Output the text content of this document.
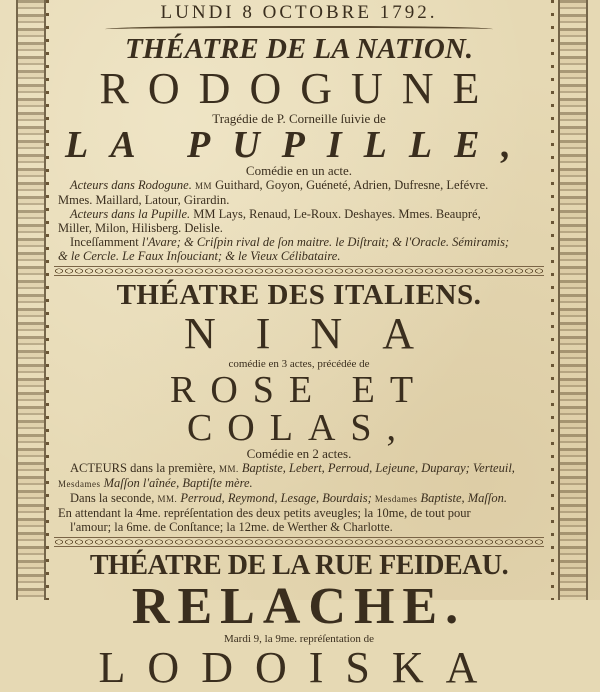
LUNDI 8 OCTOBRE 1792.
THÉATRE DE LA NATION.
RODOGUNE
Tragédie de P. Corneille ſuivie de
LA PUPILLE,
Comédie en un acte.
Acteurs dans Rodogune. MM Guithard, Goyon, Guéneté, Adrien, Dufresne, Lefévre.
Mmes. Maillard, Latour, Girardin.
Acteurs dans la Pupille. MM Lays, Renaud, Le-Roux. Deshayes. Mmes. Beaupré,
Miller, Milon, Hilisberg. Delisle.
Inceſſamment l'Avare; & Criſpin rival de ſon maitre. le Diſtrait; & l'Oracle. Sémiramis;
& le Cercle. Le Faux Inſouciant; & le Vieux Célibataire.
THÉATRE DES ITALIENS.
NINA
comédie en 3 actes, précédée de
ROSE ET COLAS,
Comédie en 2 actes.
ACTEURS dans la première, MM. Baptiste, Lebert, Perroud, Lejeune, Duparay; Verteuil,
Mesdames Maſſon l'aînée, Baptiſte mère.
Dans la seconde, MM. Perroud, Reymond, Lesage, Bourdais; Mesdames Baptiste, Maſſon.
En attendant la 4me. repréſentation des deux petits aveugles; la 10me, de tout pour
l'amour; la 6me. de Conſtance; la 12me. de Werther & Charlotte.
THÉATRE DE LA RUE FEIDEAU.
RELACHE.
Mardi 9, la 9me. repréſentation de
LODOISKA
